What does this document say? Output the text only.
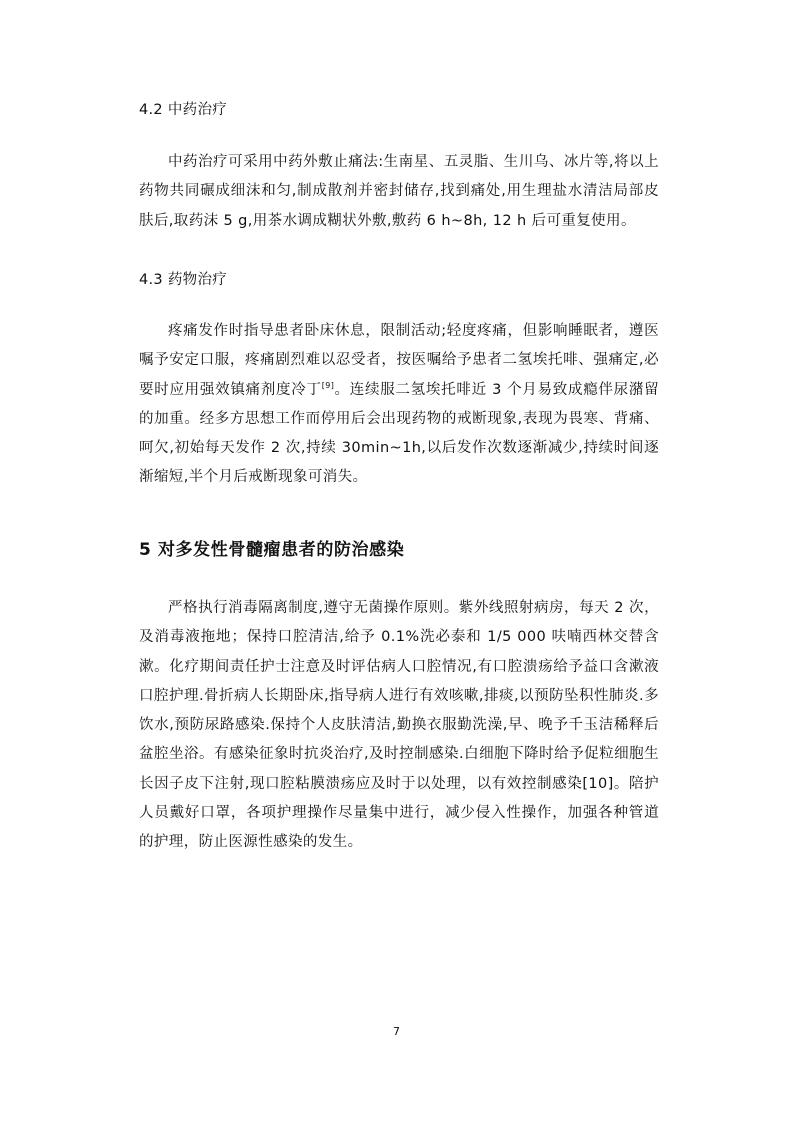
4.2 中药治疗

中药治疗可采用中药外敷止痛法:生南星、五灵脂、生川乌、冰片等,将以上药物共同碾成细沫和匀,制成散剂并密封储存,找到痛处,用生理盐水清洁局部皮肤后,取药沫 5 g,用茶水调成糊状外敷,敷药 6 h~8h, 12 h 后可重复使用。

4.3 药物治疗

疼痛发作时指导患者卧床休息，限制活动;轻度疼痛，但影响睡眠者，遵医嘱予安定口服，疼痛剧烈难以忍受者，按医嘱给予患者二氢埃托啡、强痛定,必要时应用强效镇痛剂度冷丁[9]。连续服二氢埃托啡近 3 个月易致成瘾伴尿潴留的加重。经多方思想工作而停用后会出现药物的戒断现象,表现为畏寒、背痛、呵欠,初始每天发作 2 次,持续 30min~1h,以后发作次数逐渐减少,持续时间逐渐缩短,半个月后戒断现象可消失。

5 对多发性骨髓瘤患者的防治感染

严格执行消毒隔离制度,遵守无菌操作原则。紫外线照射病房，每天 2 次，及消毒液拖地；保持口腔清洁,给予 0.1%洗必泰和 1/5 000 呋喃西林交替含漱。化疗期间责任护士注意及时评估病人口腔情况,有口腔溃疡给予益口含漱液口腔护理.骨折病人长期卧床,指导病人进行有效咳嗽,排痰,以预防坠积性肺炎.多饮水,预防尿路感染.保持个人皮肤清洁,勤换衣服勤洗澡,早、晚予千玉洁稀释后盆腔坐浴。有感染征象时抗炎治疗,及时控制感染.白细胞下降时给予促粒细胞生长因子皮下注射,现口腔粘膜溃疡应及时于以处理，以有效控制感染[10]。陪护人员戴好口罩，各项护理操作尽量集中进行，减少侵入性操作，加强各种管道的护理，防止医源性感染的发生。

7
